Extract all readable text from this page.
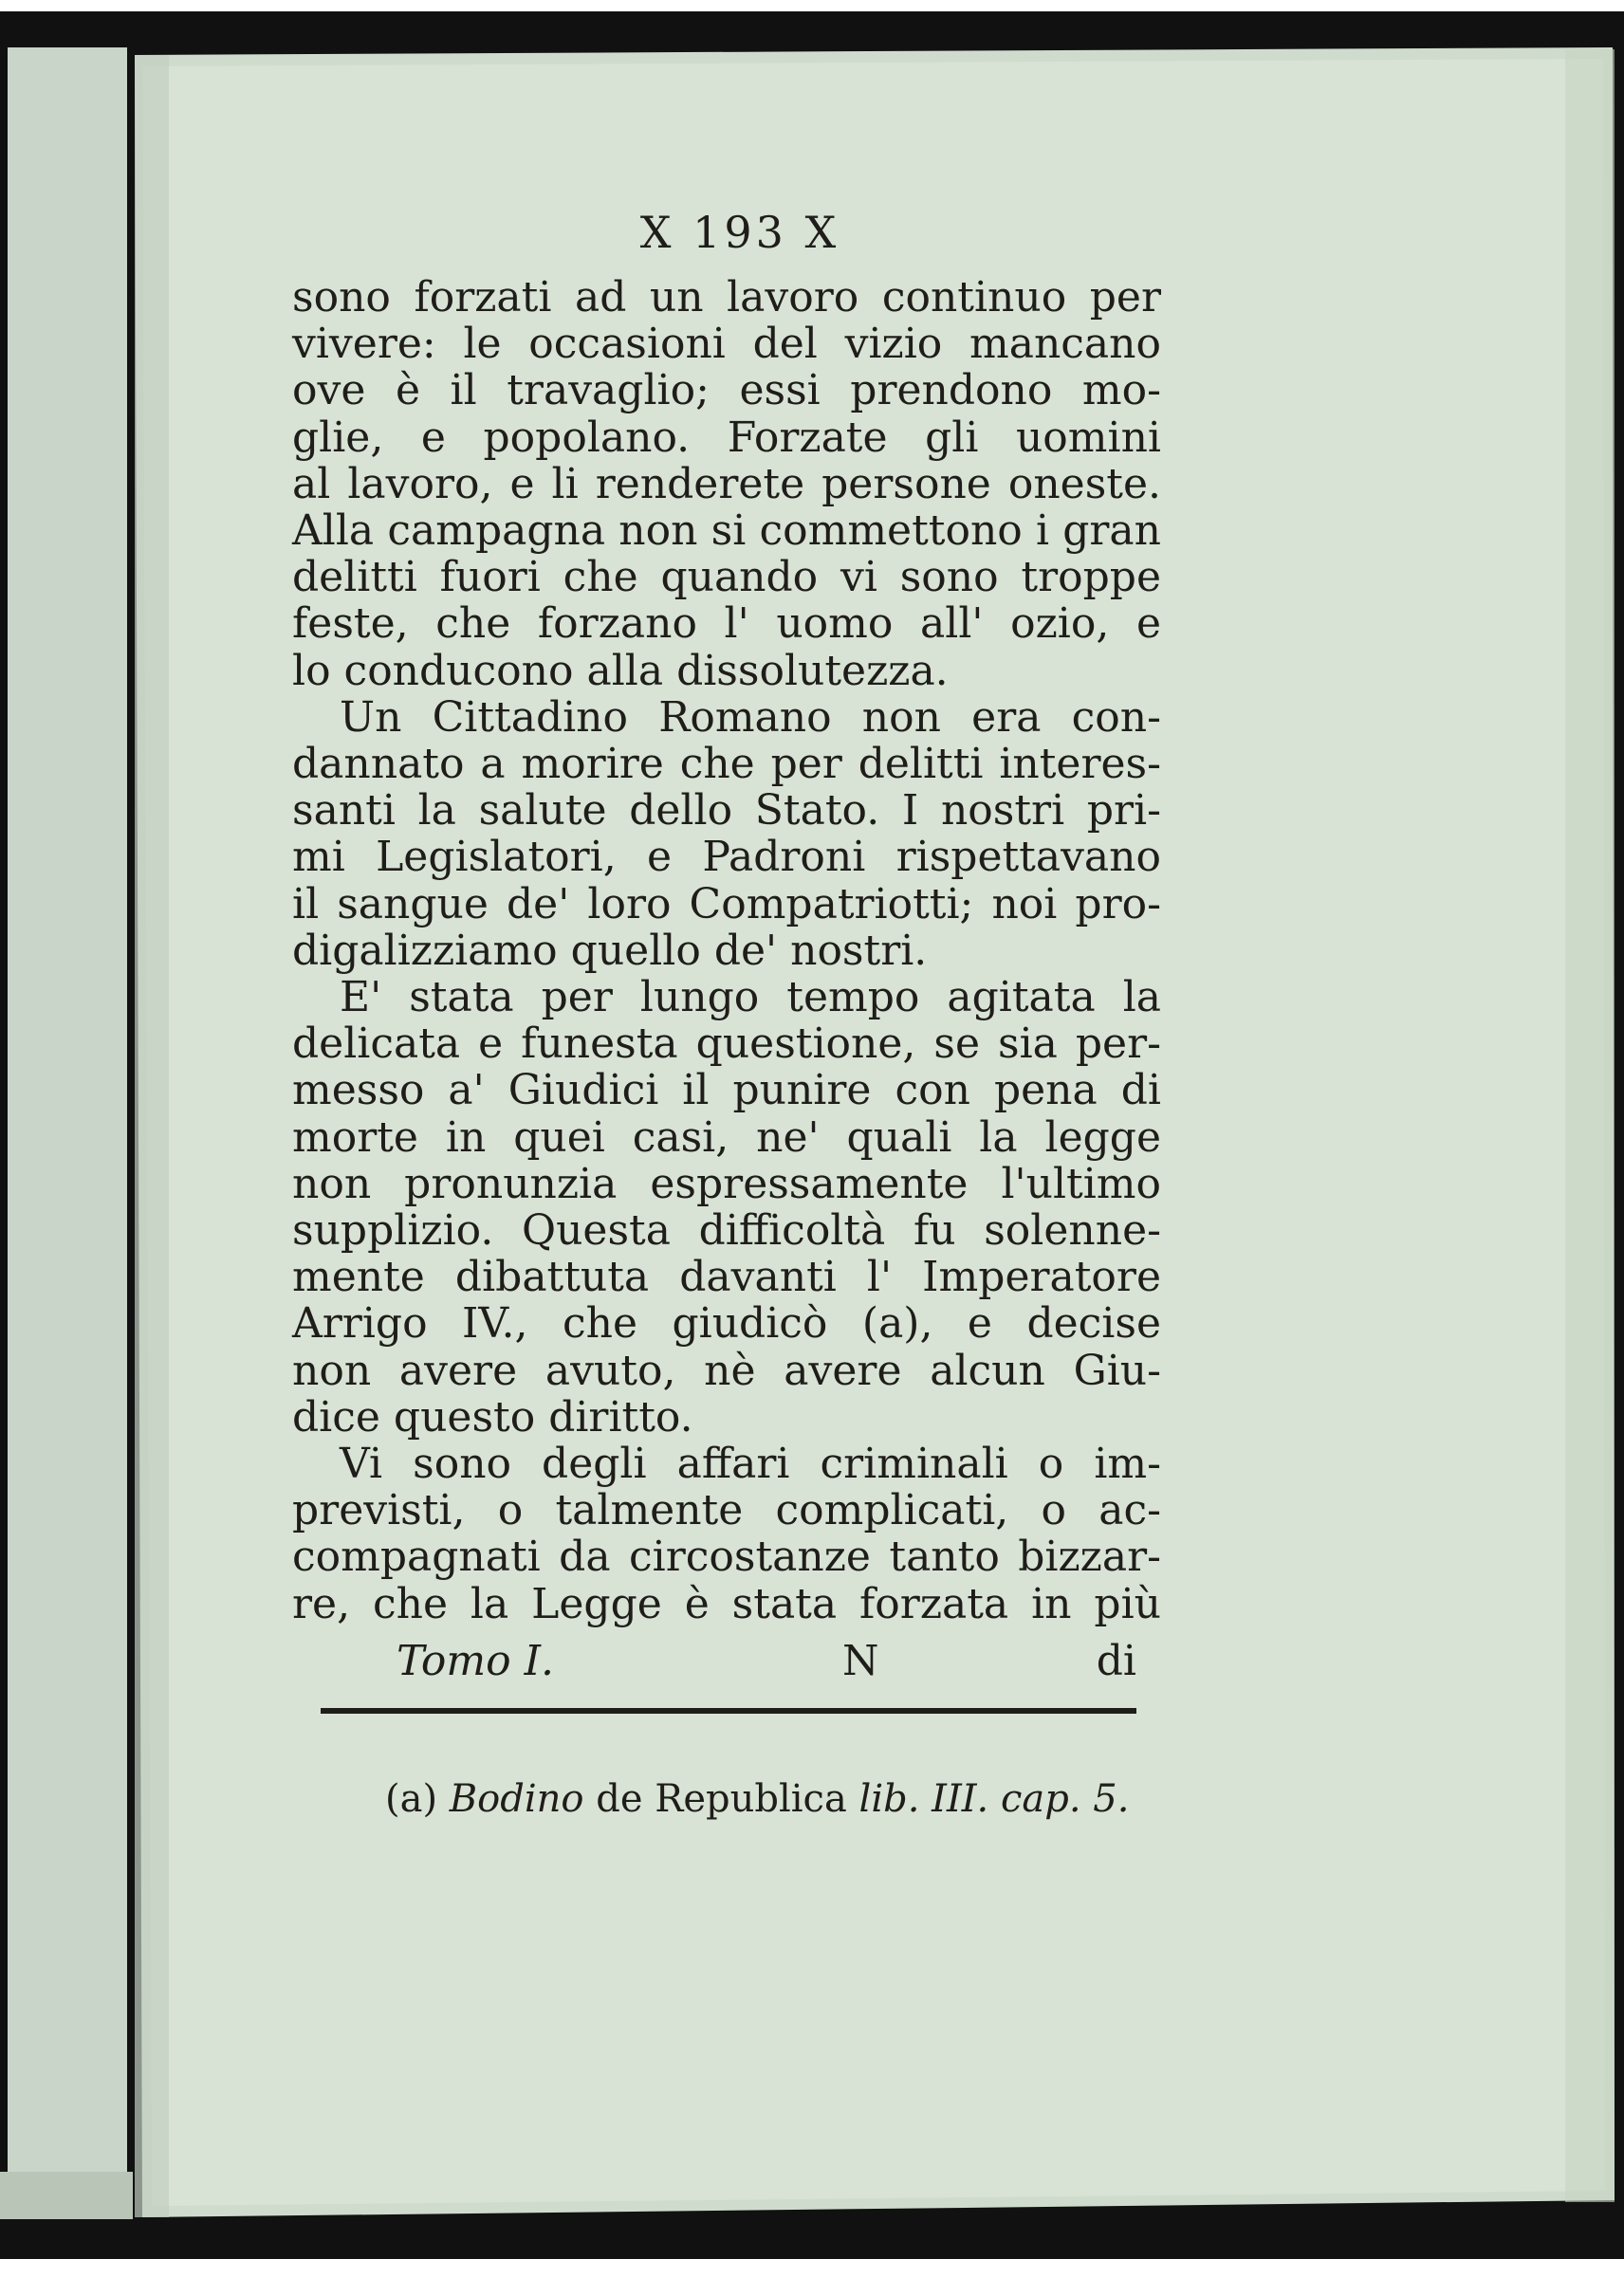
X 193 X
sono forzati ad un lavoro continuo per
vivere: le occasioni del vizio mancano
ove è il travaglio; essi prendono mo-
glie, e popolano. Forzate gli uomini
al lavoro, e li renderete persone oneste.
Alla campagna non si commettono i gran
delitti fuori che quando vi sono troppe
feste, che forzano l' uomo all' ozio, e
lo conducono alla dissolutezza.
Un Cittadino Romano non era con-
dannato a morire che per delitti interes-
santi la salute dello Stato. I nostri pri-
mi Legislatori, e Padroni rispettavano
il sangue de' loro Compatriotti; noi pro-
digalizziamo quello de' nostri.
E' stata per lungo tempo agitata la
delicata e funesta questione, se sia per-
messo a' Giudici il punire con pena di
morte in quei casi, ne' quali la legge
non pronunzia espressamente l'ultimo
supplizio. Questa difficoltà fu solenne-
mente dibattuta davanti l' Imperatore
Arrigo IV., che giudicò (a), e decise
non avere avuto, nè avere alcun Giu-
dice questo diritto.
Vi sono degli affari criminali o im-
previsti, o talmente complicati, o ac-
compagnati da circostanze tanto bizzar-
re, che la Legge è stata forzata in più
Tomo I.	N	di
(a) Bodino de Republica lib. III. cap. 5.
